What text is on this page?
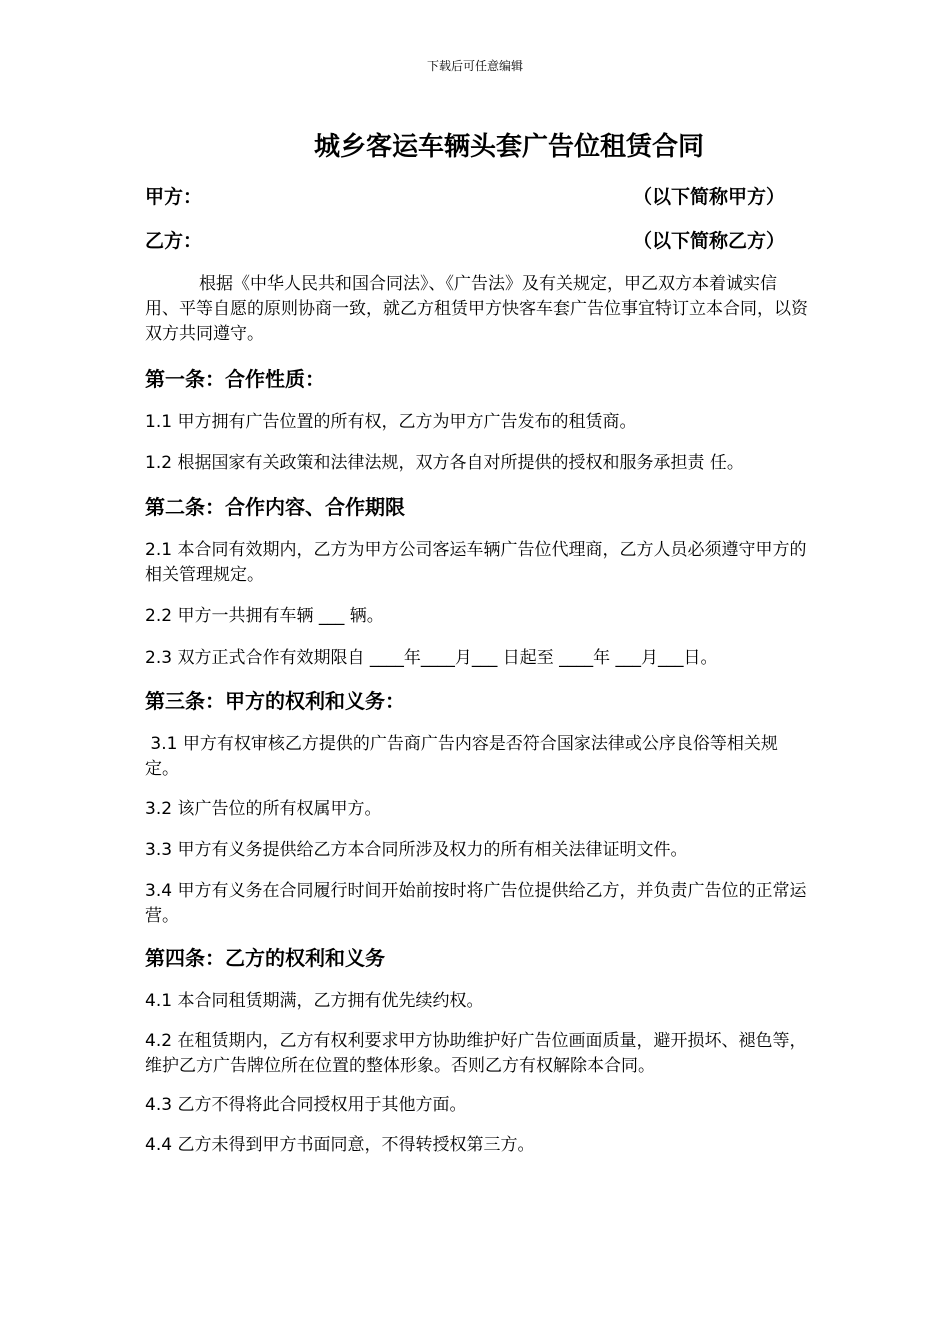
下载后可任意编辑
城乡客运车辆头套广告位租赁合同
甲方：	（以下简称甲方）
乙方：	（以下简称乙方）

根据《中华人民共和国合同法》、《广告法》及有关规定，甲乙双方本着诚实信用、平等自愿的原则协商一致，就乙方租赁甲方快客车套广告位事宜特订立本合同，以资双方共同遵守。

第一条：合作性质：

1.1 甲方拥有广告位置的所有权，乙方为甲方广告发布的租赁商。

1.2 根据国家有关政策和法律法规，双方各自对所提供的授权和服务承担责 任。

第二条：合作内容、合作期限

2.1 本合同有效期内，乙方为甲方公司客运车辆广告位代理商，乙方人员必须遵守甲方的相关管理规定。

2.2 甲方一共拥有车辆 ___ 辆。

2.3 双方正式合作有效期限自 ____年____月___ 日起至 ____年 ___月___日。

第三条：甲方的权利和义务：

3.1 甲方有权审核乙方提供的广告商广告内容是否符合国家法律或公序良俗等相关规定。

3.2 该广告位的所有权属甲方。

3.3 甲方有义务提供给乙方本合同所涉及权力的所有相关法律证明文件。

3.4 甲方有义务在合同履行时间开始前按时将广告位提供给乙方，并负责广告位的正常运营。

第四条：乙方的权利和义务

4.1 本合同租赁期满，乙方拥有优先续约权。

4.2 在租赁期内，乙方有权利要求甲方协助维护好广告位画面质量，避开损坏、褪色等，维护乙方广告牌位所在位置的整体形象。否则乙方有权解除本合同。

4.3 乙方不得将此合同授权用于其他方面。

4.4 乙方未得到甲方书面同意，不得转授权第三方。
